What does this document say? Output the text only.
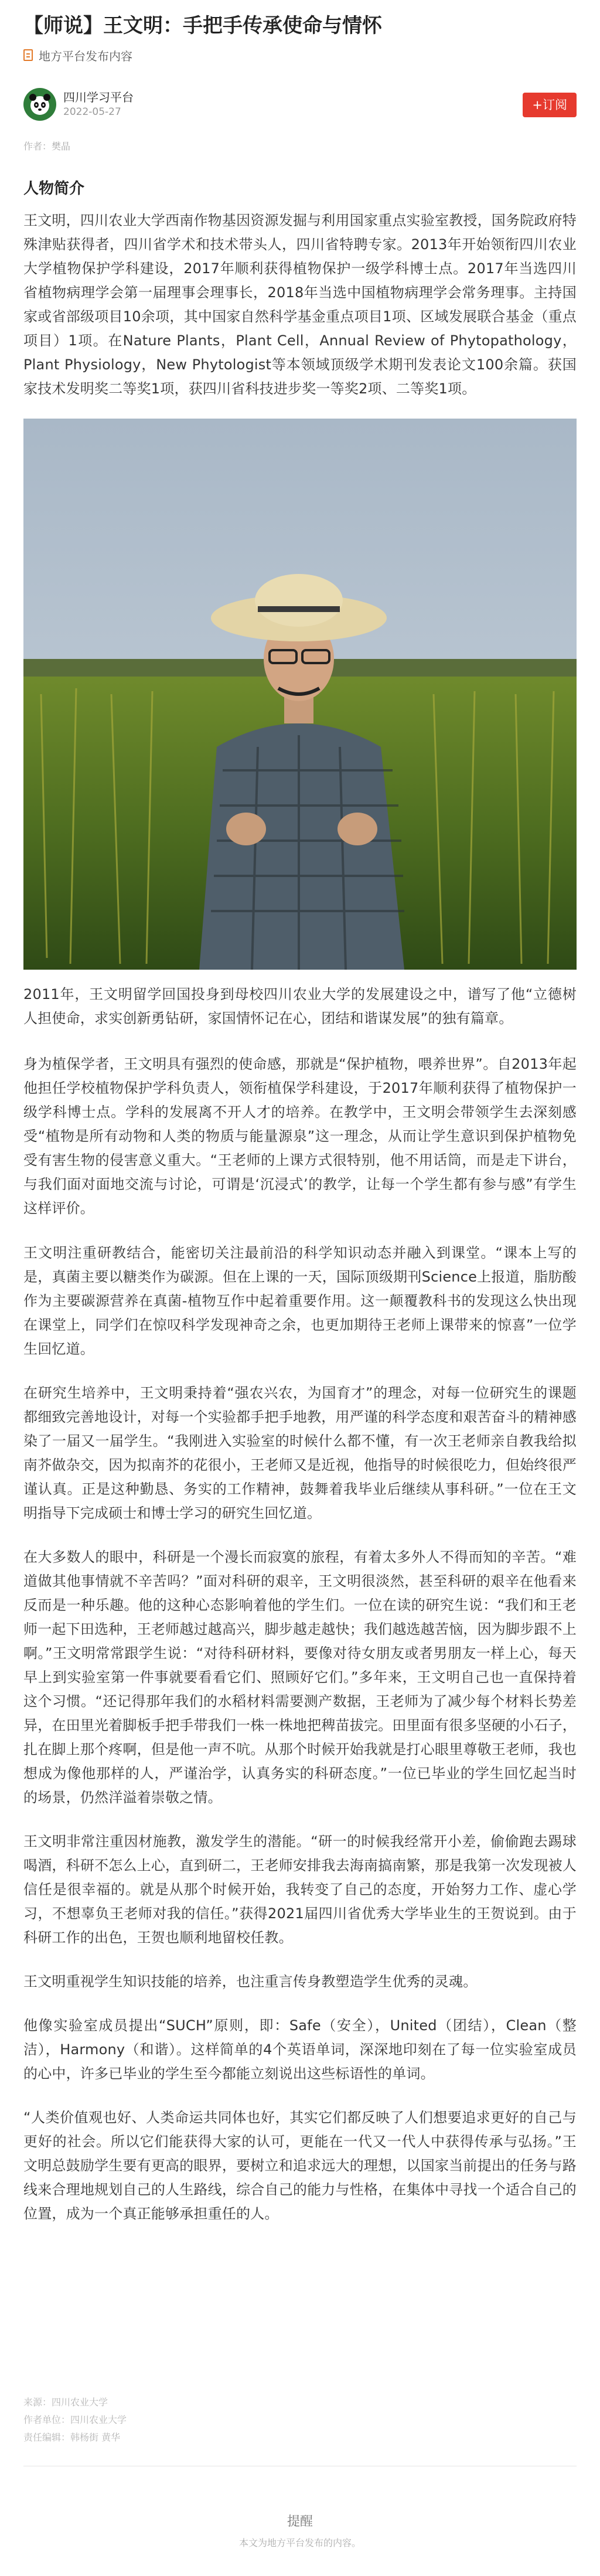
【师说】王文明：手把手传承使命与情怀
地方平台发布内容
四川学习平台
2022-05-27	+订阅
作者：樊晶
人物简介

王文明，四川农业大学西南作物基因资源发掘与利用国家重点实验室教授，国务院政府特殊津贴获得者，四川省学术和技术带头人，四川省特聘专家。2013年开始领衔四川农业大学植物保护学科建设，2017年顺利获得植物保护一级学科博士点。2017年当选四川省植物病理学会第一届理事会理事长，2018年当选中国植物病理学会常务理事。主持国家或省部级项目10余项，其中国家自然科学基金重点项目1项、区域发展联合基金（重点项目）1项。在Nature Plants，Plant Cell，Annual Review of Phytopathology，Plant Physiology，New Phytologist等本领域顶级学术期刊发表论文100余篇。获国家技术发明奖二等奖1项，获四川省科技进步奖一等奖2项、二等奖1项。

2011年，王文明留学回国投身到母校四川农业大学的发展建设之中，谱写了他“立德树人担使命，求实创新勇钻研，家国情怀记在心，团结和谐谋发展”的独有篇章。

身为植保学者，王文明具有强烈的使命感，那就是“保护植物，喂养世界”。自2013年起他担任学校植物保护学科负责人，领衔植保学科建设，于2017年顺利获得了植物保护一级学科博士点。学科的发展离不开人才的培养。在教学中，王文明会带领学生去深刻感受“植物是所有动物和人类的物质与能量源泉”这一理念，从而让学生意识到保护植物免受有害生物的侵害意义重大。“王老师的上课方式很特别，他不用话筒，而是走下讲台，与我们面对面地交流与讨论，可谓是‘沉浸式’的教学，让每一个学生都有参与感”有学生这样评价。

王文明注重研教结合，能密切关注最前沿的科学知识动态并融入到课堂。“课本上写的是，真菌主要以糖类作为碳源。但在上课的一天，国际顶级期刊Science上报道，脂肪酸作为主要碳源营养在真菌-植物互作中起着重要作用。这一颠覆教科书的发现这么快出现在课堂上，同学们在惊叹科学发现神奇之余，也更加期待王老师上课带来的惊喜”一位学生回忆道。

在研究生培养中，王文明秉持着“强农兴农，为国育才”的理念，对每一位研究生的课题都细致完善地设计，对每一个实验都手把手地教，用严谨的科学态度和艰苦奋斗的精神感染了一届又一届学生。“我刚进入实验室的时候什么都不懂，有一次王老师亲自教我给拟南芥做杂交，因为拟南芥的花很小，王老师又是近视，他指导的时候很吃力，但始终很严谨认真。正是这种勤恳、务实的工作精神，鼓舞着我毕业后继续从事科研。”一位在王文明指导下完成硕士和博士学习的研究生回忆道。

在大多数人的眼中，科研是一个漫长而寂寞的旅程，有着太多外人不得而知的辛苦。“难道做其他事情就不辛苦吗？”面对科研的艰辛，王文明很淡然，甚至科研的艰辛在他看来反而是一种乐趣。他的这种心态影响着他的学生们。一位在读的研究生说：“我们和王老师一起下田选种，王老师越过越高兴，脚步越走越快；我们越选越苦恼，因为脚步跟不上啊。”王文明常常跟学生说：“对待科研材料，要像对待女朋友或者男朋友一样上心，每天早上到实验室第一件事就要看看它们、照顾好它们。”多年来，王文明自己也一直保持着这个习惯。“还记得那年我们的水稻材料需要测产数据，王老师为了减少每个材料长势差异，在田里光着脚板手把手带我们一株一株地把稗苗拔完。田里面有很多坚硬的小石子，扎在脚上那个疼啊，但是他一声不吭。从那个时候开始我就是打心眼里尊敬王老师，我也想成为像他那样的人，严谨治学，认真务实的科研态度。”一位已毕业的学生回忆起当时的场景，仍然洋溢着崇敬之情。

王文明非常注重因材施教，激发学生的潜能。“研一的时候我经常开小差，偷偷跑去踢球喝酒，科研不怎么上心，直到研二，王老师安排我去海南搞南繁，那是我第一次发现被人信任是很幸福的。就是从那个时候开始，我转变了自己的态度，开始努力工作、虚心学习，不想辜负王老师对我的信任。”获得2021届四川省优秀大学毕业生的王贺说到。由于科研工作的出色，王贺也顺利地留校任教。

王文明重视学生知识技能的培养，也注重言传身教塑造学生优秀的灵魂。

他像实验室成员提出“SUCH”原则，即：Safe（安全），United（团结），Clean（整洁），Harmony（和谐）。这样简单的4个英语单词，深深地印刻在了每一位实验室成员的心中，许多已毕业的学生至今都能立刻说出这些标语性的单词。

“人类价值观也好、人类命运共同体也好，其实它们都反映了人们想要追求更好的自己与更好的社会。所以它们能获得大家的认可，更能在一代又一代人中获得传承与弘扬。”王文明总鼓励学生要有更高的眼界，要树立和追求远大的理想，以国家当前提出的任务与路线来合理地规划自己的人生路线，综合自己的能力与性格，在集体中寻找一个适合自己的位置，成为一个真正能够承担重任的人。

来源：四川农业大学
作者单位：四川农业大学
责任编辑：韩杨街 黄华
提醒
本文为地方平台发布的内容。
